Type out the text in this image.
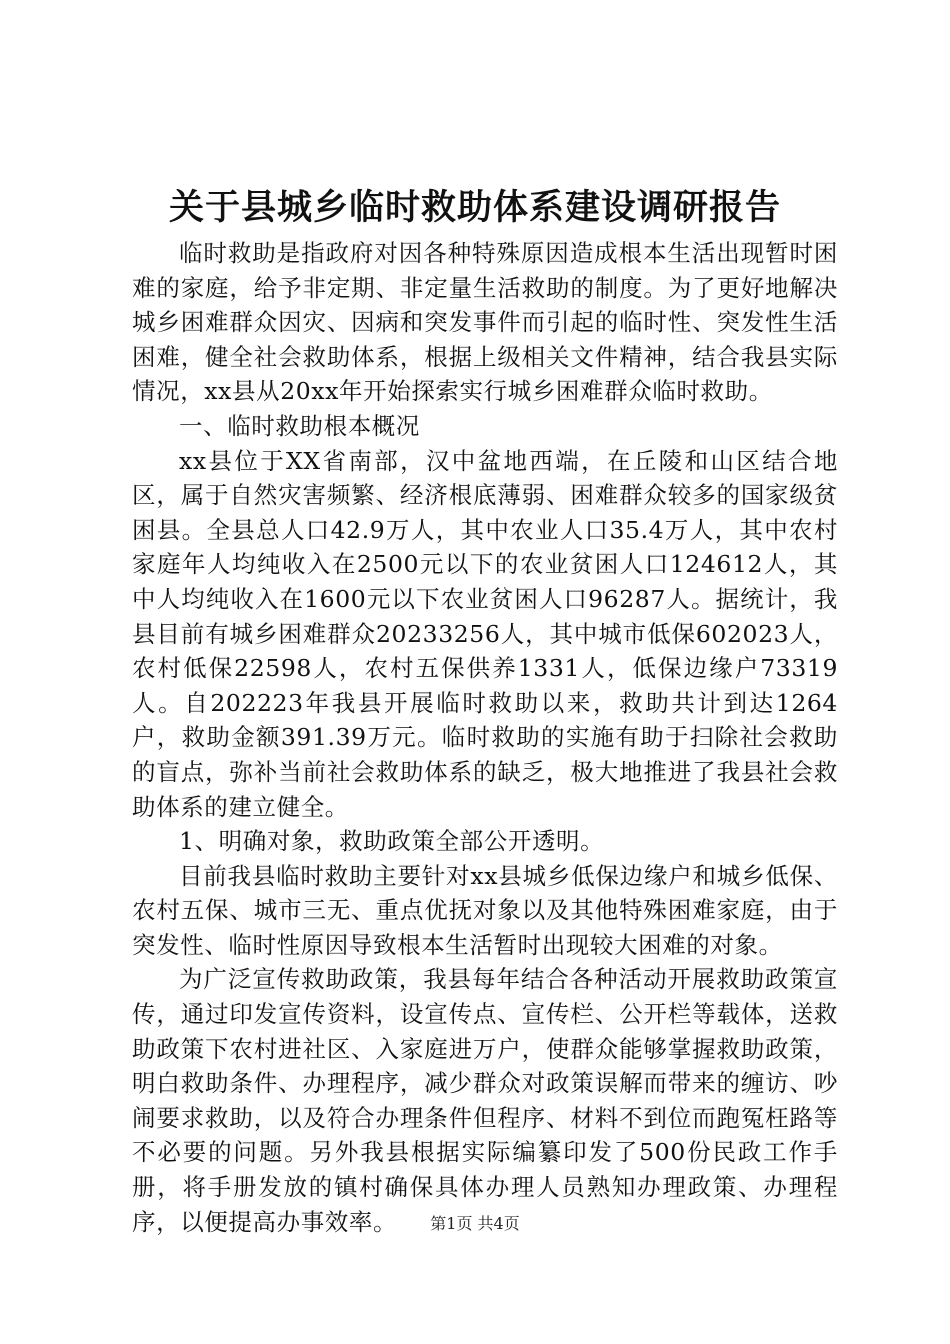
关于县城乡临时救助体系建设调研报告

临时救助是指政府对因各种特殊原因造成根本生活出现暂时困难的家庭，给予非定期、非定量生活救助的制度。为了更好地解决城乡困难群众因灾、因病和突发事件而引起的临时性、突发性生活困难，健全社会救助体系，根据上级相关文件精神，结合我县实际情况，xx县从20xx年开始探索实行城乡困难群众临时救助。

一、临时救助根本概况

xx县位于XX省南部，汉中盆地西端，在丘陵和山区结合地区，属于自然灾害频繁、经济根底薄弱、困难群众较多的国家级贫困县。全县总人口42.9万人，其中农业人口35.4万人，其中农村家庭年人均纯收入在2500元以下的农业贫困人口124612人，其中人均纯收入在1600元以下农业贫困人口96287人。据统计，我县目前有城乡困难群众20233256人，其中城市低保602023人，农村低保22598人，农村五保供养1331人，低保边缘户73319人。自202223年我县开展临时救助以来，救助共计到达1264户，救助金额391.39万元。临时救助的实施有助于扫除社会救助的盲点，弥补当前社会救助体系的缺乏，极大地推进了我县社会救助体系的建立健全。

1、明确对象，救助政策全部公开透明。

目前我县临时救助主要针对xx县城乡低保边缘户和城乡低保、农村五保、城市三无、重点优抚对象以及其他特殊困难家庭，由于突发性、临时性原因导致根本生活暂时出现较大困难的对象。

为广泛宣传救助政策，我县每年结合各种活动开展救助政策宣传，通过印发宣传资料，设宣传点、宣传栏、公开栏等载体，送救助政策下农村进社区、入家庭进万户，使群众能够掌握救助政策，明白救助条件、办理程序，减少群众对政策误解而带来的缠访、吵闹要求救助，以及符合办理条件但程序、材料不到位而跑冤枉路等不必要的问题。另外我县根据实际编纂印发了500份民政工作手册，将手册发放的镇村确保具体办理人员熟知办理政策、办理程序，以便提高办事效率。	第1页 共4页
